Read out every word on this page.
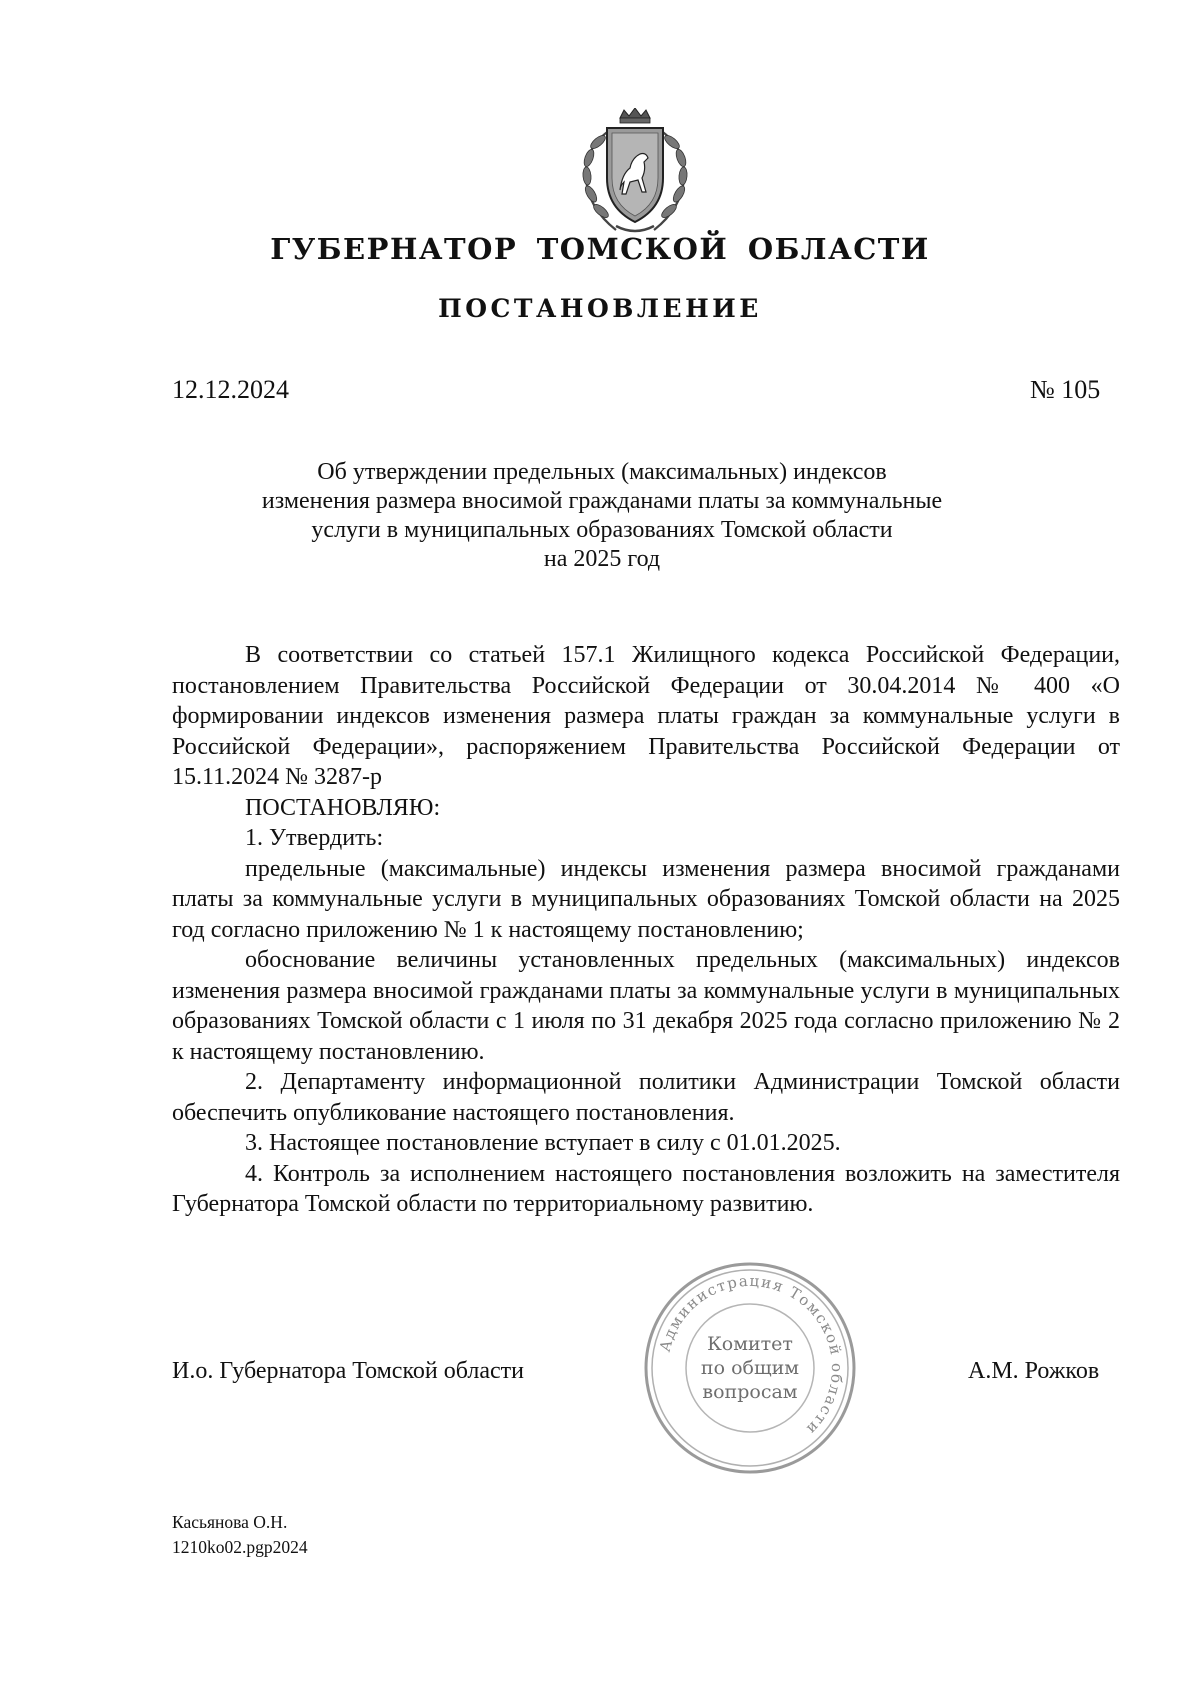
ГУБЕРНАТОР ТОМСКОЙ ОБЛАСТИ
ПОСТАНОВЛЕНИЕ
12.12.2024	№ 105
Об утверждении предельных (максимальных) индексов
изменения размера вносимой гражданами платы за коммунальные
услуги в муниципальных образованиях Томской области
на 2025 год

В соответствии со статьей 157.1 Жилищного кодекса Российской Федерации, постановлением Правительства Российской Федерации от 30.04.2014 № 400 «О формировании индексов изменения размера платы граждан за коммунальные услуги в Российской Федерации», распоряжением Правительства Российской Федерации от 15.11.2024 № 3287-р

ПОСТАНОВЛЯЮ:

1. Утвердить:

предельные (максимальные) индексы изменения размера вносимой гражданами платы за коммунальные услуги в муниципальных образованиях Томской области на 2025 год согласно приложению № 1 к настоящему постановлению;

обоснование величины установленных предельных (максимальных) индексов изменения размера вносимой гражданами платы за коммунальные услуги в муниципальных образованиях Томской области с 1 июля по 31 декабря 2025 года согласно приложению № 2 к настоящему постановлению.

2. Департаменту информационной политики Администрации Томской области обеспечить опубликование настоящего постановления.

3. Настоящее постановление вступает в силу с 01.01.2025.

4. Контроль за исполнением настоящего постановления возложить на заместителя Губернатора Томской области по территориальному развитию.

Администрация Томской области
Комитет
по общим
вопросам
И.о. Губернатора Томской области	А.М. Рожков
Касьянова О.Н.
1210ko02.pgp2024
